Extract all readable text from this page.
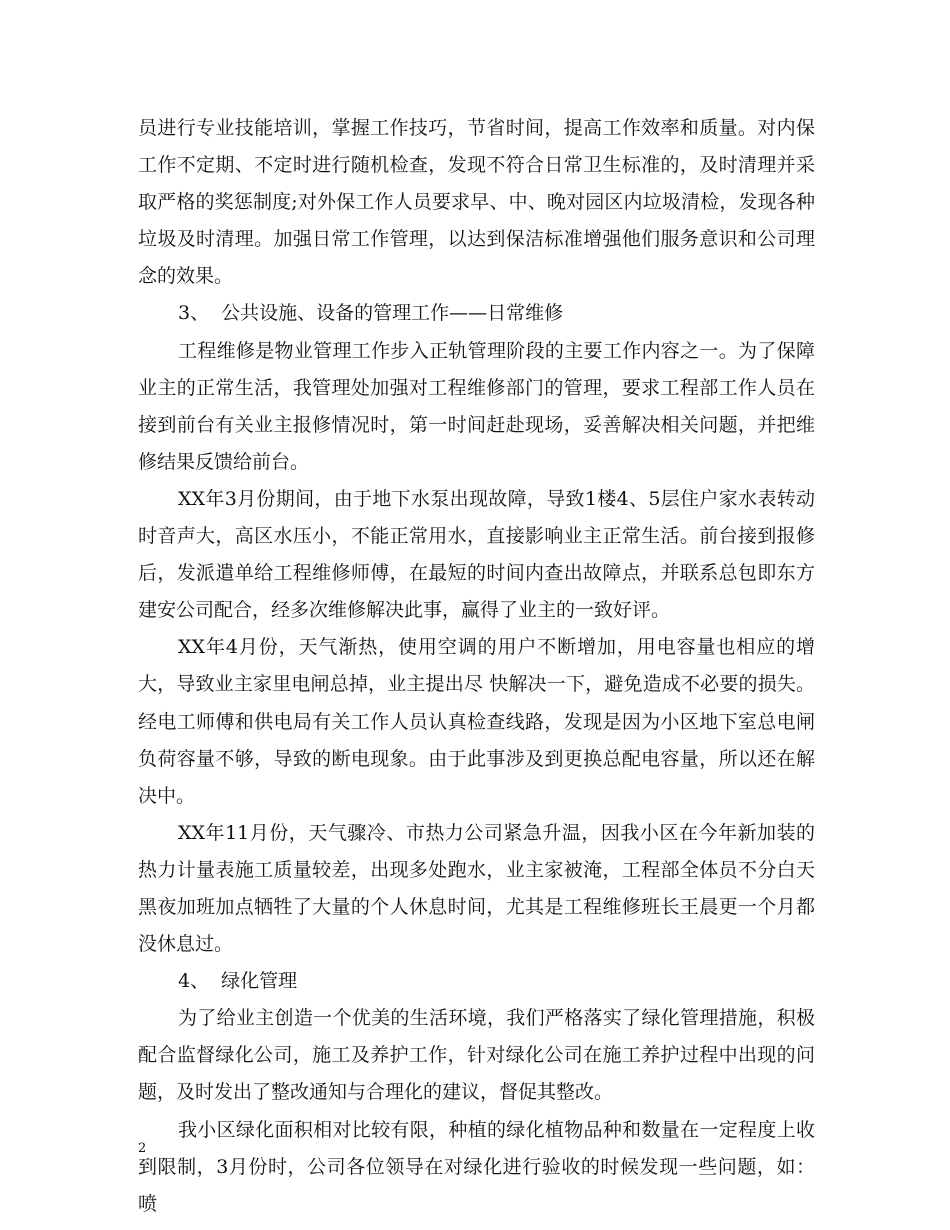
员进行专业技能培训，掌握工作技巧，节省时间，提高工作效率和质量。对内保工作不定期、不定时进行随机检查，发现不符合日常卫生标准的，及时清理并采取严格的奖惩制度;对外保工作人员要求早、中、晚对园区内垃圾清检，发现各种垃圾及时清理。加强日常工作管理，以达到保洁标准增强他们服务意识和公司理念的效果。

3、  公共设施、设备的管理工作——日常维修

工程维修是物业管理工作步入正轨管理阶段的主要工作内容之一。为了保障业主的正常生活，我管理处加强对工程维修部门的管理，要求工程部工作人员在接到前台有关业主报修情况时，第一时间赶赴现场，妥善解决相关问题，并把维修结果反馈给前台。

XX年3月份期间，由于地下水泵出现故障，导致1楼4、5层住户家水表转动时音声大，高区水压小，不能正常用水，直接影响业主正常生活。前台接到报修后，发派遣单给工程维修师傅，在最短的时间内查出故障点，并联系总包即东方建安公司配合，经多次维修解决此事，赢得了业主的一致好评。

XX年4月份，天气渐热，使用空调的用户不断增加，用电容量也相应的增大，导致业主家里电闸总掉，业主提出尽 快解决一下，避免造成不必要的损失。经电工师傅和供电局有关工作人员认真检查线路，发现是因为小区地下室总电闸负荷容量不够，导致的断电现象。由于此事涉及到更换总配电容量，所以还在解决中。

XX年11月份，天气骤冷、市热力公司紧急升温，因我小区在今年新加装的热力计量表施工质量较差，出现多处跑水，业主家被淹，工程部全体员不分白天黑夜加班加点牺牲了大量的个人休息时间，尤其是工程维修班长王晨更一个月都没休息过。

4、  绿化管理

为了给业主创造一个优美的生活环境，我们严格落实了绿化管理措施，积极配合监督绿化公司，施工及养护工作，针对绿化公司在施工养护过程中出现的问题，及时发出了整改通知与合理化的建议，督促其整改。

我小区绿化面积相对比较有限，种植的绿化植物品种和数量在一定程度上收到限制，3月份时，公司各位领导在对绿化进行验收的时候发现一些问题，如：喷

2
